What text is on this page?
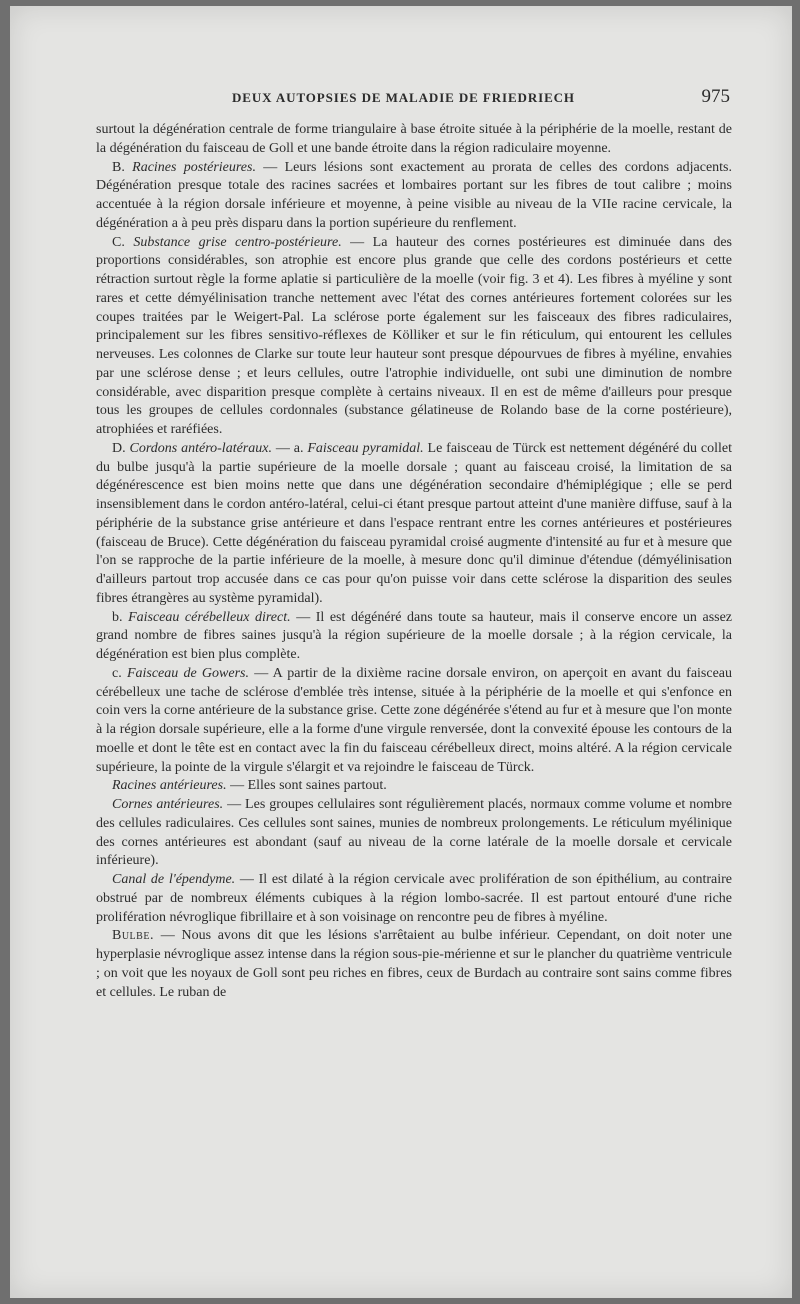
DEUX AUTOPSIES DE MALADIE DE FRIEDRIECH	975

surtout la dégénération centrale de forme triangulaire à base étroite située à la périphérie de la moelle, restant de la dégénération du faisceau de Goll et une bande étroite dans la région radiculaire moyenne.

B. Racines postérieures. — Leurs lésions sont exactement au prorata de celles des cordons adjacents. Dégénération presque totale des racines sacrées et lombaires portant sur les fibres de tout calibre ; moins accentuée à la région dorsale inférieure et moyenne, à peine visible au niveau de la VIIe racine cervicale, la dégénération a à peu près disparu dans la portion supérieure du renflement.

C. Substance grise centro-postérieure. — La hauteur des cornes postérieures est diminuée dans des proportions considérables, son atrophie est encore plus grande que celle des cordons postérieurs et cette rétraction surtout règle la forme aplatie si particulière de la moelle (voir fig. 3 et 4). Les fibres à myéline y sont rares et cette démyélinisation tranche nettement avec l'état des cornes antérieures fortement colorées sur les coupes traitées par le Weigert-Pal. La sclérose porte également sur les faisceaux des fibres radiculaires, principalement sur les fibres sensitivo-réflexes de Kölliker et sur le fin réticulum, qui entourent les cellules nerveuses. Les colonnes de Clarke sur toute leur hauteur sont presque dépourvues de fibres à myéline, envahies par une sclérose dense ; et leurs cellules, outre l'atrophie individuelle, ont subi une diminution de nombre considérable, avec disparition presque complète à certains niveaux. Il en est de même d'ailleurs pour presque tous les groupes de cellules cordonnales (substance gélatineuse de Rolando base de la corne postérieure), atrophiées et raréfiées.

D. Cordons antéro-latéraux. — a. Faisceau pyramidal. Le faisceau de Türck est nettement dégénéré du collet du bulbe jusqu'à la partie supérieure de la moelle dorsale ; quant au faisceau croisé, la limitation de sa dégénérescence est bien moins nette que dans une dégénération secondaire d'hémiplégique ; elle se perd insensiblement dans le cordon antéro-latéral, celui-ci étant presque partout atteint d'une manière diffuse, sauf à la périphérie de la substance grise antérieure et dans l'espace rentrant entre les cornes antérieures et postérieures (faisceau de Bruce). Cette dégénération du faisceau pyramidal croisé augmente d'intensité au fur et à mesure que l'on se rapproche de la partie inférieure de la moelle, à mesure donc qu'il diminue d'étendue (démyélinisation d'ailleurs partout trop accusée dans ce cas pour qu'on puisse voir dans cette sclérose la disparition des seules fibres étrangères au système pyramidal).

b. Faisceau cérébelleux direct. — Il est dégénéré dans toute sa hauteur, mais il conserve encore un assez grand nombre de fibres saines jusqu'à la région supérieure de la moelle dorsale ; à la région cervicale, la dégénération est bien plus complète.

c. Faisceau de Gowers. — A partir de la dixième racine dorsale environ, on aperçoit en avant du faisceau cérébelleux une tache de sclérose d'emblée très intense, située à la périphérie de la moelle et qui s'enfonce en coin vers la corne antérieure de la substance grise. Cette zone dégénérée s'étend au fur et à mesure que l'on monte à la région dorsale supérieure, elle a la forme d'une virgule renversée, dont la convexité épouse les contours de la moelle et dont le tête est en contact avec la fin du faisceau cérébelleux direct, moins altéré. A la région cervicale supérieure, la pointe de la virgule s'élargit et va rejoindre le faisceau de Türck.

Racines antérieures. — Elles sont saines partout.

Cornes antérieures. — Les groupes cellulaires sont régulièrement placés, normaux comme volume et nombre des cellules radiculaires. Ces cellules sont saines, munies de nombreux prolongements. Le réticulum myélinique des cornes antérieures est abondant (sauf au niveau de la corne latérale de la moelle dorsale et cervicale inférieure).

Canal de l'épendyme. — Il est dilaté à la région cervicale avec prolifération de son épithélium, au contraire obstrué par de nombreux éléments cubiques à la région lombo-sacrée. Il est partout entouré d'une riche prolifération névroglique fibrillaire et à son voisinage on rencontre peu de fibres à myéline.

Bulbe. — Nous avons dit que les lésions s'arrêtaient au bulbe inférieur. Cependant, on doit noter une hyperplasie névroglique assez intense dans la région sous-pie-mérienne et sur le plancher du quatrième ventricule ; on voit que les noyaux de Goll sont peu riches en fibres, ceux de Burdach au contraire sont sains comme fibres et cellules. Le ruban de
